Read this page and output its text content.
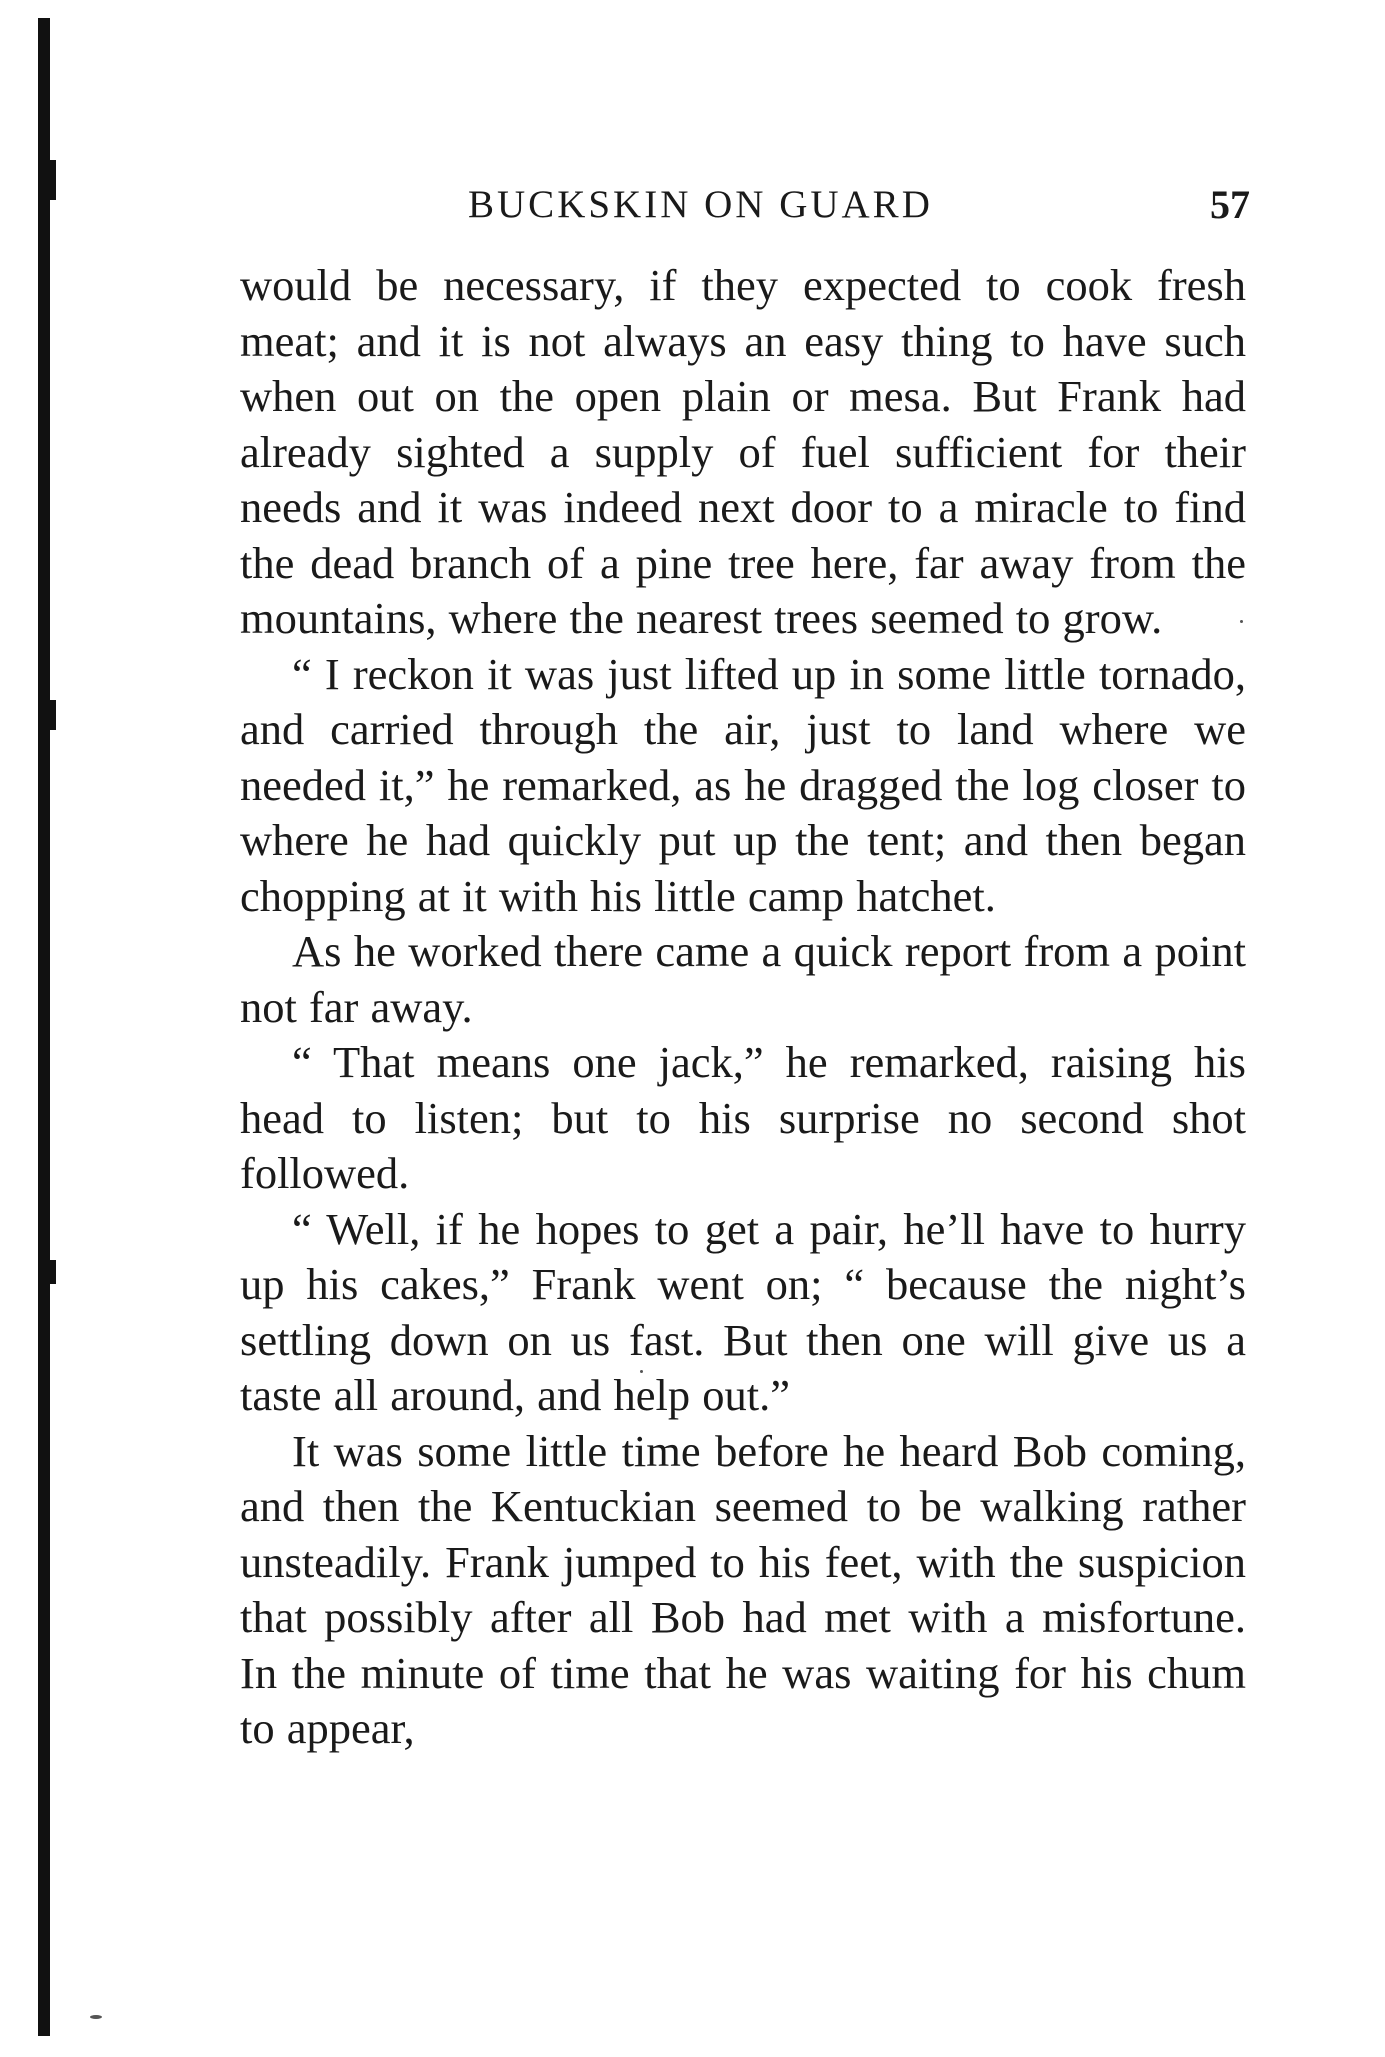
BUCKSKIN ON GUARD	57

would be necessary, if they expected to cook fresh meat; and it is not always an easy thing to have such when out on the open plain or mesa. But Frank had already sighted a supply of fuel sufficient for their needs and it was indeed next door to a miracle to find the dead branch of a pine tree here, far away from the mountains, where the nearest trees seemed to grow.

“ I reckon it was just lifted up in some little tornado, and carried through the air, just to land where we needed it,” he remarked, as he dragged the log closer to where he had quickly put up the tent; and then began chopping at it with his little camp hatchet.

As he worked there came a quick report from a point not far away.

“ That means one jack,” he remarked, raising his head to listen; but to his surprise no second shot followed.

“ Well, if he hopes to get a pair, he’ll have to hurry up his cakes,” Frank went on; “ because the night’s settling down on us fast. But then one will give us a taste all around, and help out.”

It was some little time before he heard Bob coming, and then the Kentuckian seemed to be walking rather unsteadily. Frank jumped to his feet, with the suspicion that possibly after all Bob had met with a misfortune. In the minute of time that he was waiting for his chum to appear,
